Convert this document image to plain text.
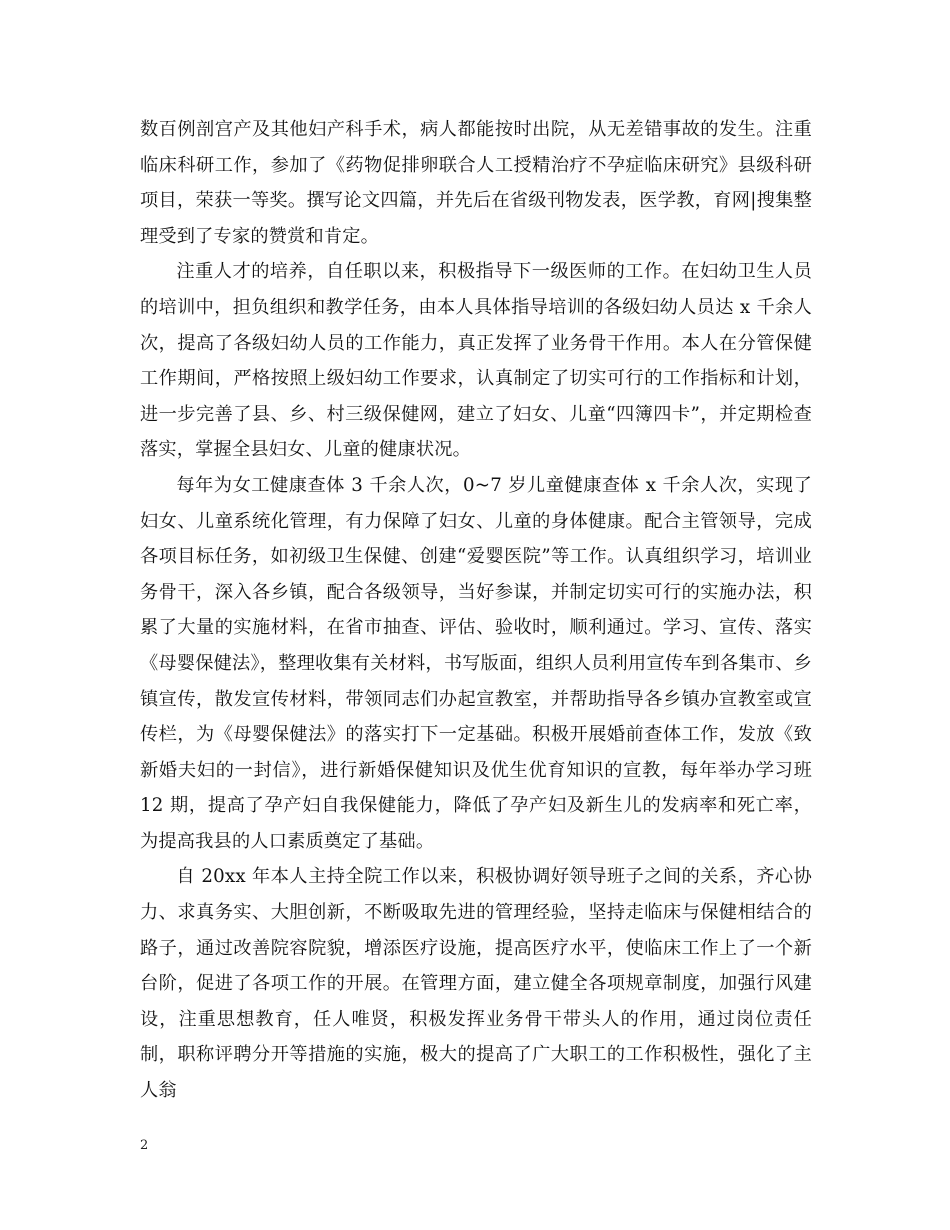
数百例剖宫产及其他妇产科手术，病人都能按时出院，从无差错事故的发生。注重临床科研工作，参加了《药物促排卵联合人工授精治疗不孕症临床研究》县级科研项目，荣获一等奖。撰写论文四篇，并先后在省级刊物发表，医学教，育网|搜集整理受到了专家的赞赏和肯定。

注重人才的培养，自任职以来，积极指导下一级医师的工作。在妇幼卫生人员的培训中，担负组织和教学任务，由本人具体指导培训的各级妇幼人员达 x 千余人次，提高了各级妇幼人员的工作能力，真正发挥了业务骨干作用。本人在分管保健工作期间，严格按照上级妇幼工作要求，认真制定了切实可行的工作指标和计划，进一步完善了县、乡、村三级保健网，建立了妇女、儿童“四簿四卡”，并定期检查落实，掌握全县妇女、儿童的健康状况。

每年为女工健康查体 3 千余人次，0~7 岁儿童健康查体 x 千余人次，实现了妇女、儿童系统化管理，有力保障了妇女、儿童的身体健康。配合主管领导，完成各项目标任务，如初级卫生保健、创建“爱婴医院”等工作。认真组织学习，培训业务骨干，深入各乡镇，配合各级领导，当好参谋，并制定切实可行的实施办法，积累了大量的实施材料，在省市抽查、评估、验收时，顺利通过。学习、宣传、落实《母婴保健法》，整理收集有关材料，书写版面，组织人员利用宣传车到各集市、乡镇宣传，散发宣传材料，带领同志们办起宣教室，并帮助指导各乡镇办宣教室或宣传栏，为《母婴保健法》的落实打下一定基础。积极开展婚前查体工作，发放《致新婚夫妇的一封信》，进行新婚保健知识及优生优育知识的宣教，每年举办学习班 12 期，提高了孕产妇自我保健能力，降低了孕产妇及新生儿的发病率和死亡率，为提高我县的人口素质奠定了基础。

自 20xx 年本人主持全院工作以来，积极协调好领导班子之间的关系，齐心协力、求真务实、大胆创新，不断吸取先进的管理经验，坚持走临床与保健相结合的路子，通过改善院容院貌，增添医疗设施，提高医疗水平，使临床工作上了一个新台阶，促进了各项工作的开展。在管理方面，建立健全各项规章制度，加强行风建设，注重思想教育，任人唯贤，积极发挥业务骨干带头人的作用，通过岗位责任制，职称评聘分开等措施的实施，极大的提高了广大职工的工作积极性，强化了主人翁

2
